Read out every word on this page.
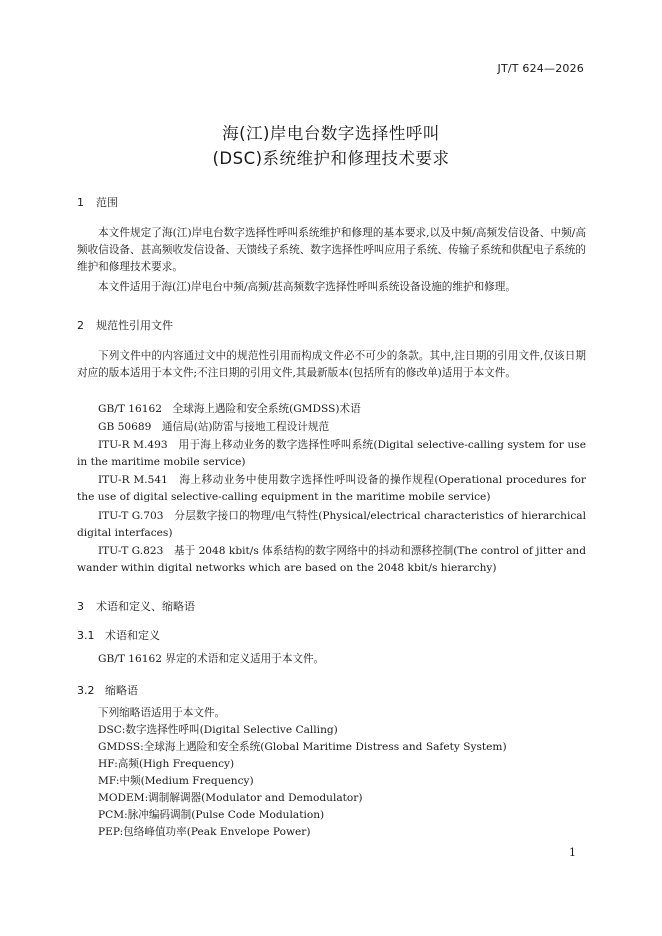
JT/T 624—2026
海(江)岸电台数字选择性呼叫
(DSC)系统维护和修理技术要求
1 范围

本文件规定了海(江)岸电台数字选择性呼叫系统维护和修理的基本要求,以及中频/高频发信设备、中频/高频收信设备、甚高频收发信设备、天馈线子系统、数字选择性呼叫应用子系统、传输子系统和供配电子系统的维护和修理技术要求。

本文件适用于海(江)岸电台中频/高频/甚高频数字选择性呼叫系统设备设施的维护和修理。

2 规范性引用文件

下列文件中的内容通过文中的规范性引用而构成文件必不可少的条款。其中,注日期的引用文件,仅该日期对应的版本适用于本文件;不注日期的引用文件,其最新版本(包括所有的修改单)适用于本文件。

GB/T 16162　全球海上遇险和安全系统(GMDSS)术语

GB 50689　通信局(站)防雷与接地工程设计规范

ITU-R M.493　用于海上移动业务的数字选择性呼叫系统(Digital selective-calling system for use in the maritime mobile service)

ITU-R M.541　海上移动业务中使用数字选择性呼叫设备的操作规程(Operational procedures for the use of digital selective-calling equipment in the maritime mobile service)

ITU-T G.703　分层数字接口的物理/电气特性(Physical/electrical characteristics of hierarchical digital interfaces)

ITU-T G.823　基于 2048 kbit/s 体系结构的数字网络中的抖动和漂移控制(The control of jitter and wander within digital networks which are based on the 2048 kbit/s hierarchy)

3 术语和定义、缩略语
3.1 术语和定义

GB/T 16162 界定的术语和定义适用于本文件。

3.2 缩略语

下列缩略语适用于本文件。

DSC:数字选择性呼叫(Digital Selective Calling)
GMDSS:全球海上遇险和安全系统(Global Maritime Distress and Safety System)
HF:高频(High Frequency)
MF:中频(Medium Frequency)
MODEM:调制解调器(Modulator and Demodulator)
PCM:脉冲编码调制(Pulse Code Modulation)
PEP:包络峰值功率(Peak Envelope Power)
1
